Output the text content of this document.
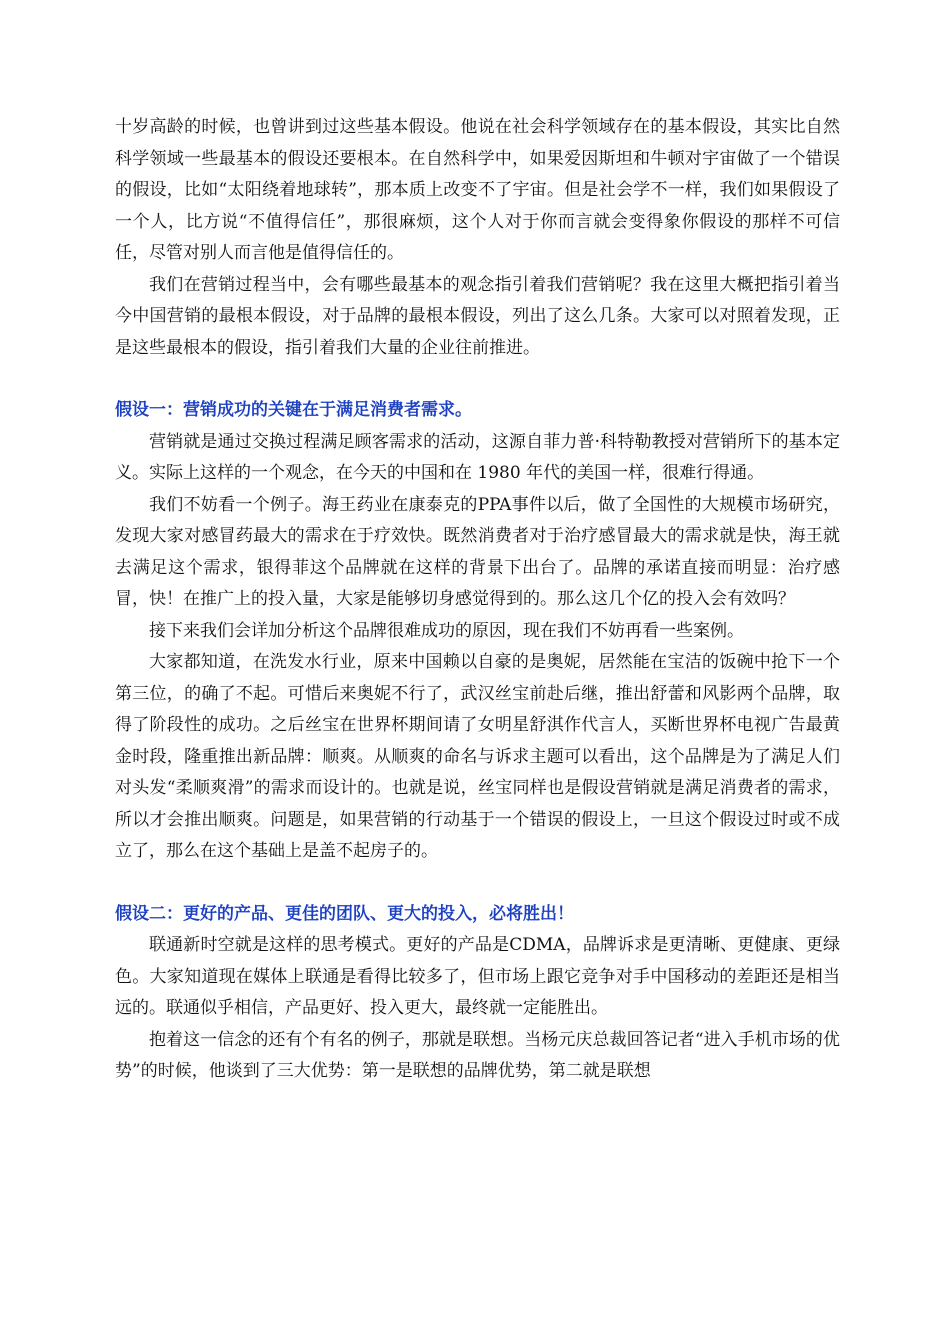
十岁高龄的时候，也曾讲到过这些基本假设。他说在社会科学领域存在的基本假设，其实比自然科学领域一些最基本的假设还要根本。在自然科学中，如果爱因斯坦和牛顿对宇宙做了一个错误的假设，比如“太阳绕着地球转”，那本质上改变不了宇宙。但是社会学不一样，我们如果假设了一个人，比方说“不值得信任”，那很麻烦，这个人对于你而言就会变得象你假设的那样不可信任，尽管对别人而言他是值得信任的。

我们在营销过程当中，会有哪些最基本的观念指引着我们营销呢？我在这里大概把指引着当今中国营销的最根本假设，对于品牌的最根本假设，列出了这么几条。大家可以对照着发现，正是这些最根本的假设，指引着我们大量的企业往前推进。

假设一：营销成功的关键在于满足消费者需求。

营销就是通过交换过程满足顾客需求的活动，这源自菲力普·科特勒教授对营销所下的基本定义。实际上这样的一个观念，在今天的中国和在 1980 年代的美国一样，很难行得通。

我们不妨看一个例子。海王药业在康泰克的PPA事件以后，做了全国性的大规模市场研究，发现大家对感冒药最大的需求在于疗效快。既然消费者对于治疗感冒最大的需求就是快，海王就去满足这个需求，银得菲这个品牌就在这样的背景下出台了。品牌的承诺直接而明显：治疗感冒，快！在推广上的投入量，大家是能够切身感觉得到的。那么这几个亿的投入会有效吗？

接下来我们会详加分析这个品牌很难成功的原因，现在我们不妨再看一些案例。

大家都知道，在洗发水行业，原来中国赖以自豪的是奥妮，居然能在宝洁的饭碗中抢下一个第三位，的确了不起。可惜后来奥妮不行了，武汉丝宝前赴后继，推出舒蕾和风影两个品牌，取得了阶段性的成功。之后丝宝在世界杯期间请了女明星舒淇作代言人，买断世界杯电视广告最黄金时段，隆重推出新品牌：顺爽。从顺爽的命名与诉求主题可以看出，这个品牌是为了满足人们对头发“柔顺爽滑”的需求而设计的。也就是说，丝宝同样也是假设营销就是满足消费者的需求，所以才会推出顺爽。问题是，如果营销的行动基于一个错误的假设上，一旦这个假设过时或不成立了，那么在这个基础上是盖不起房子的。

假设二：更好的产品、更佳的团队、更大的投入，必将胜出！

联通新时空就是这样的思考模式。更好的产品是CDMA，品牌诉求是更清晰、更健康、更绿色。大家知道现在媒体上联通是看得比较多了，但市场上跟它竞争对手中国移动的差距还是相当远的。联通似乎相信，产品更好、投入更大，最终就一定能胜出。

抱着这一信念的还有个有名的例子，那就是联想。当杨元庆总裁回答记者“进入手机市场的优势”的时候，他谈到了三大优势：第一是联想的品牌优势，第二就是联想
